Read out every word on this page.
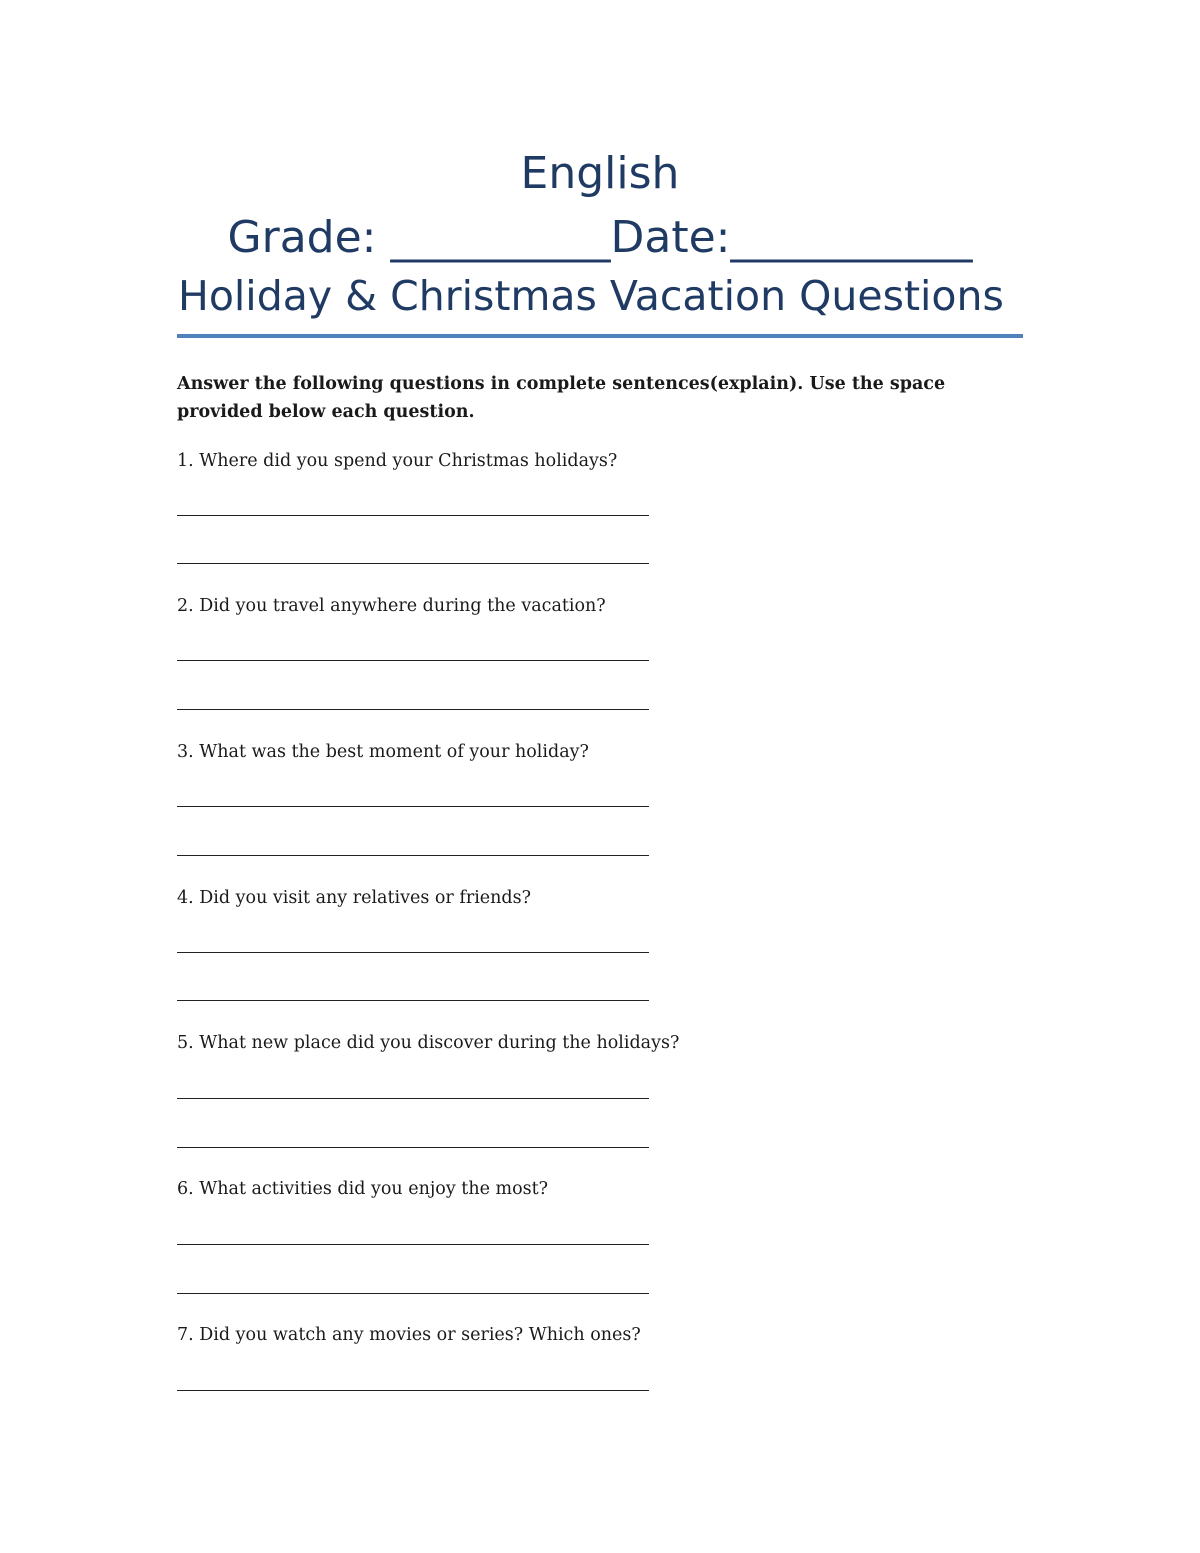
English
Grade: __________Date:___________
Holiday & Christmas Vacation Questions

Answer the following questions in complete sentences(explain). Use the space provided below each question.

1. Where did you spend your Christmas holidays?

2. Did you travel anywhere during the vacation?

3. What was the best moment of your holiday?

4. Did you visit any relatives or friends?

5. What new place did you discover during the holidays?

6. What activities did you enjoy the most?

7. Did you watch any movies or series? Which ones?
